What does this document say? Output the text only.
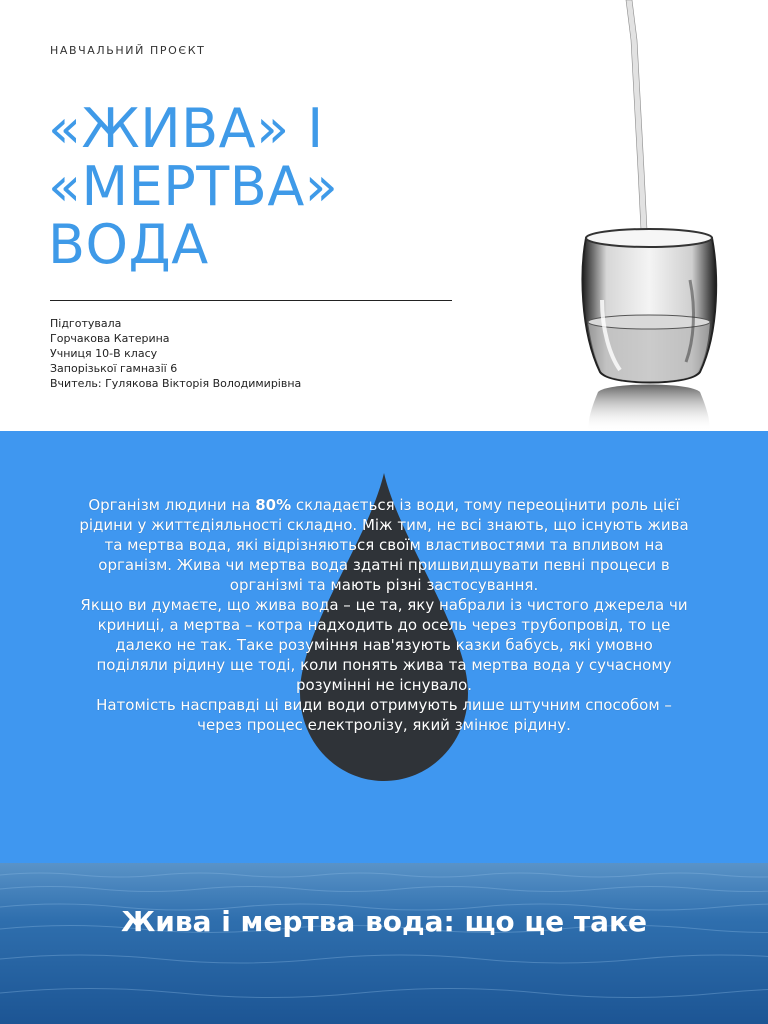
НАВЧАЛЬНИЙ ПРОЄКТ
«ЖИВА» І
«МЕРТВА»
ВОДА
Підготувала
Горчакова Катерина
Учниця 10-В класу
Запорізької гамназії 6
Вчитель: Гулякова Вікторія Володимирівна

Організм людини на 80% складається із води, тому переоцінити роль цієї рідини у життєдіяльності складно. Між тим, не всі знають, що існують жива та мертва вода, які відрізняються своїм властивостями та впливом на організм. Жива чи мертва вода здатні пришвидшувати певні процеси в організмі та мають різні застосування.

Якщо ви думаєте, що жива вода – це та, яку набрали із чистого джерела чи криниці, а мертва – котра надходить до осель через трубопровід, то це далеко не так. Таке розуміння нав'язують казки бабусь, які умовно поділяли рідину ще тоді, коли понять жива та мертва вода у сучасному розумінні не існувало.

Натомість насправді ці види води отримують лише штучним способом – через процес електролізу, який змінює рідину.

Жива і мертва вода: що це таке
